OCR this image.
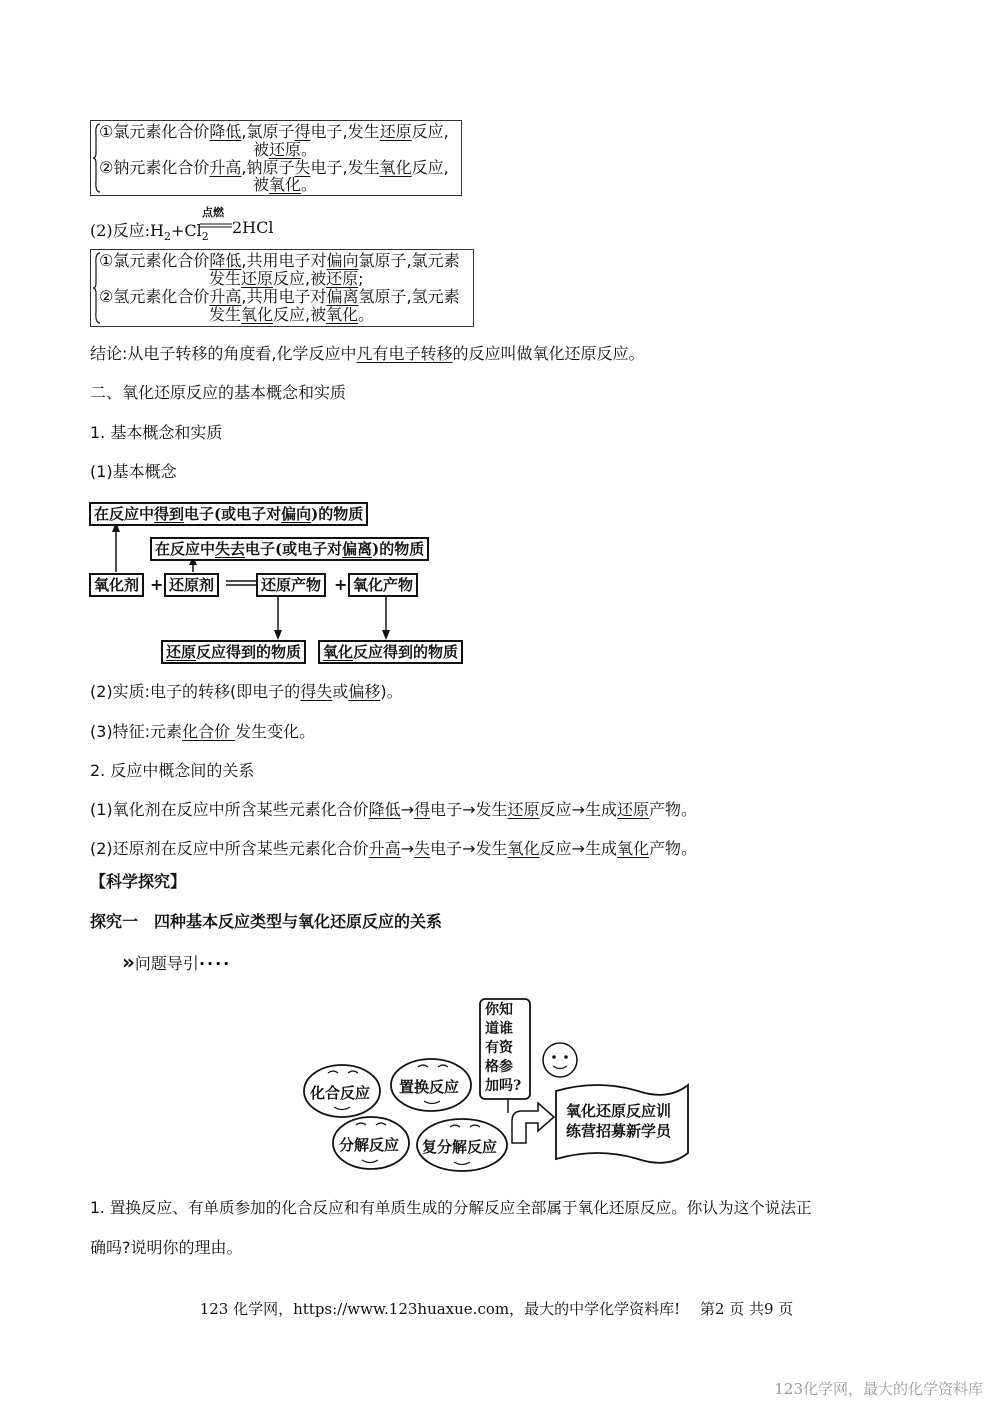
①氯元素化合价降低,氯原子得电子,发生还原反应,
被还原。
②钠元素化合价升高,钠原子失电子,发生氧化反应,
被氧化。
(2)反应$:H_2+Cl_2$
点燃
2HCl
①氯元素化合价降低,共用电子对偏向氯原子,氯元素
发生还原反应,被还原;
②氢元素化合价升高,共用电子对偏离氢原子,氢元素
发生氧化反应,被氧化。
结论:从电子转移的角度看,化学反应中凡有电子转移的反应叫做氧化还原反应。
二、氧化还原反应的基本概念和实质
1. 基本概念和实质
(1)基本概念
在反应中得到电子(或电子对偏向)的物质
在反应中失去电子(或电子对偏离)的物质
氧化剂 + 还原剂	还原产物 + 氧化产物
还原反应得到的物质	氧化反应得到的物质
(2)实质:电子的转移(即电子的得失或偏移)。
(3)特征:元素化合价 发生变化。
2. 反应中概念间的关系
(1)氧化剂在反应中所含某些元素化合价降低→得电子→发生还原反应→生成还原产物。
(2)还原剂在反应中所含某些元素化合价升高→失电子→发生氧化反应→生成氧化产物。
【科学探究】
探究一　四种基本反应类型与氧化还原反应的关系
»问题导引····
化合反应 置换反应
分解反应 复分解反应
你知
道谁
有资
格参
加吗?
氧化还原反应训
练营招募新学员
1. 置换反应、有单质参加的化合反应和有单质生成的分解反应全部属于氧化还原反应。你认为这个说法正
确吗?说明你的理由。
123 化学网，https://www.123huaxue.com，最大的中学化学资料库!　 第2 页 共9 页
123化学网，最大的化学资料库
